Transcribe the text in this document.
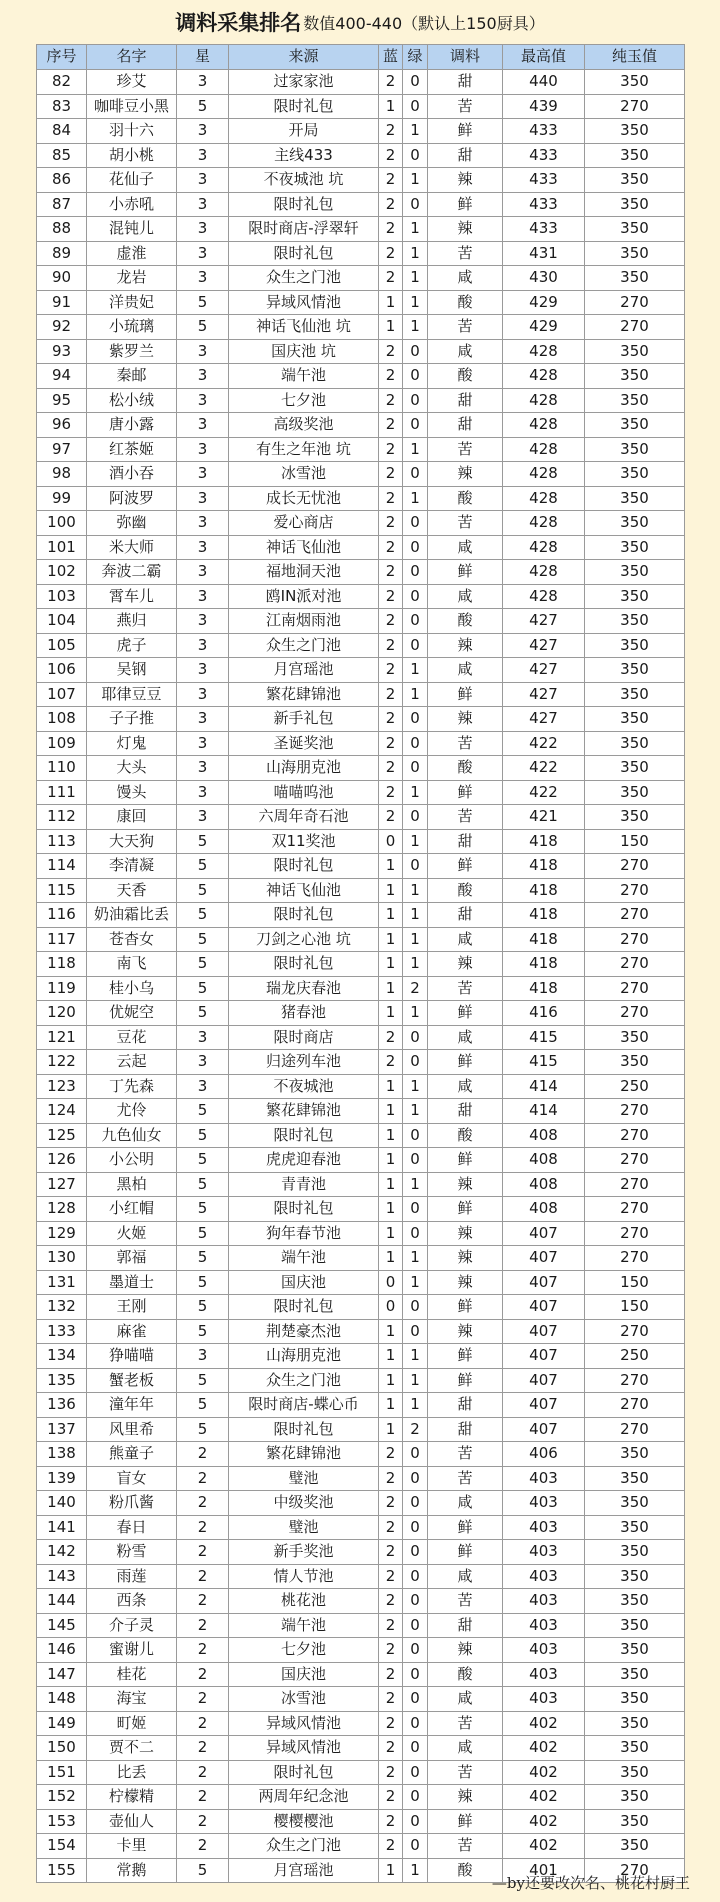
调料采集排名 数值400-440（默认上150厨具）
序号	名字	星	来源	蓝	绿	调料	最高值	纯玉值
82	珍艾	3	过家家池	2	0	甜	440	350
83	咖啡豆小黑	5	限时礼包	1	0	苦	439	270
84	羽十六	3	开局	2	1	鲜	433	350
85	胡小桃	3	主线433	2	0	甜	433	350
86	花仙子	3	不夜城池 坑	2	1	辣	433	350
87	小赤吼	3	限时礼包	2	0	鲜	433	350
88	混钝儿	3	限时商店-浮翠轩	2	1	辣	433	350
89	虚淮	3	限时礼包	2	1	苦	431	350
90	龙岩	3	众生之门池	2	1	咸	430	350
91	洋贵妃	5	异域风情池	1	1	酸	429	270
92	小琉璃	5	神话飞仙池 坑	1	1	苦	429	270
93	紫罗兰	3	国庆池 坑	2	0	咸	428	350
94	秦邮	3	端午池	2	0	酸	428	350
95	松小绒	3	七夕池	2	0	甜	428	350
96	唐小露	3	高级奖池	2	0	甜	428	350
97	红茶姬	3	有生之年池 坑	2	1	苦	428	350
98	酒小吞	3	冰雪池	2	0	辣	428	350
99	阿波罗	3	成长无忧池	2	1	酸	428	350
100	弥幽	3	爱心商店	2	0	苦	428	350
101	米大师	3	神话飞仙池	2	0	咸	428	350
102	奔波二霸	3	福地洞天池	2	0	鲜	428	350
103	霄车儿	3	鸥IN派对池	2	0	咸	428	350
104	燕归	3	江南烟雨池	2	0	酸	427	350
105	虎子	3	众生之门池	2	0	辣	427	350
106	吴钢	3	月宫瑶池	2	1	咸	427	350
107	耶律豆豆	3	繁花肆锦池	2	1	鲜	427	350
108	子子推	3	新手礼包	2	0	辣	427	350
109	灯鬼	3	圣诞奖池	2	0	苦	422	350
110	大头	3	山海朋克池	2	0	酸	422	350
111	馒头	3	喵喵呜池	2	1	鲜	422	350
112	康回	3	六周年奇石池	2	0	苦	421	350
113	大天狗	5	双11奖池	0	1	甜	418	150
114	李清凝	5	限时礼包	1	0	鲜	418	270
115	天香	5	神话飞仙池	1	1	酸	418	270
116	奶油霜比丢	5	限时礼包	1	1	甜	418	270
117	苍杳女	5	刀剑之心池 坑	1	1	咸	418	270
118	南飞	5	限时礼包	1	1	辣	418	270
119	桂小乌	5	瑞龙庆春池	1	2	苦	418	270
120	优妮空	5	猪春池	1	1	鲜	416	270
121	豆花	3	限时商店	2	0	咸	415	350
122	云起	3	归途列车池	2	0	鲜	415	350
123	丁先森	3	不夜城池	1	1	咸	414	250
124	尤伶	5	繁花肆锦池	1	1	甜	414	270
125	九色仙女	5	限时礼包	1	0	酸	408	270
126	小公明	5	虎虎迎春池	1	0	鲜	408	270
127	黑柏	5	青青池	1	1	辣	408	270
128	小红帽	5	限时礼包	1	0	鲜	408	270
129	火姬	5	狗年春节池	1	0	辣	407	270
130	郭福	5	端午池	1	1	辣	407	270
131	墨道士	5	国庆池	0	1	辣	407	150
132	王刚	5	限时礼包	0	0	鲜	407	150
133	麻雀	5	荆楚豪杰池	1	0	辣	407	270
134	狰喵喵	3	山海朋克池	1	1	鲜	407	250
135	蟹老板	5	众生之门池	1	1	鲜	407	270
136	潼年年	5	限时商店-蝶心币	1	1	甜	407	270
137	风里希	5	限时礼包	1	2	甜	407	270
138	熊童子	2	繁花肆锦池	2	0	苦	406	350
139	盲女	2	璧池	2	0	苦	403	350
140	粉爪酱	2	中级奖池	2	0	咸	403	350
141	春日	2	璧池	2	0	鲜	403	350
142	粉雪	2	新手奖池	2	0	鲜	403	350
143	雨莲	2	情人节池	2	0	咸	403	350
144	西条	2	桃花池	2	0	苦	403	350
145	介子灵	2	端午池	2	0	甜	403	350
146	蜜谢儿	2	七夕池	2	0	辣	403	350
147	桂花	2	国庆池	2	0	酸	403	350
148	海宝	2	冰雪池	2	0	咸	403	350
149	町姬	2	异域风情池	2	0	苦	402	350
150	贾不二	2	异域风情池	2	0	咸	402	350
151	比丢	2	限时礼包	2	0	苦	402	350
152	柠檬精	2	两周年纪念池	2	0	辣	402	350
153	壶仙人	2	樱樱樱池	2	0	鲜	402	350
154	卡里	2	众生之门池	2	0	苦	402	350
155	常鹅	5	月宫瑶池	1	1	酸	401	270
—by还要改次名、桃花村厨王
